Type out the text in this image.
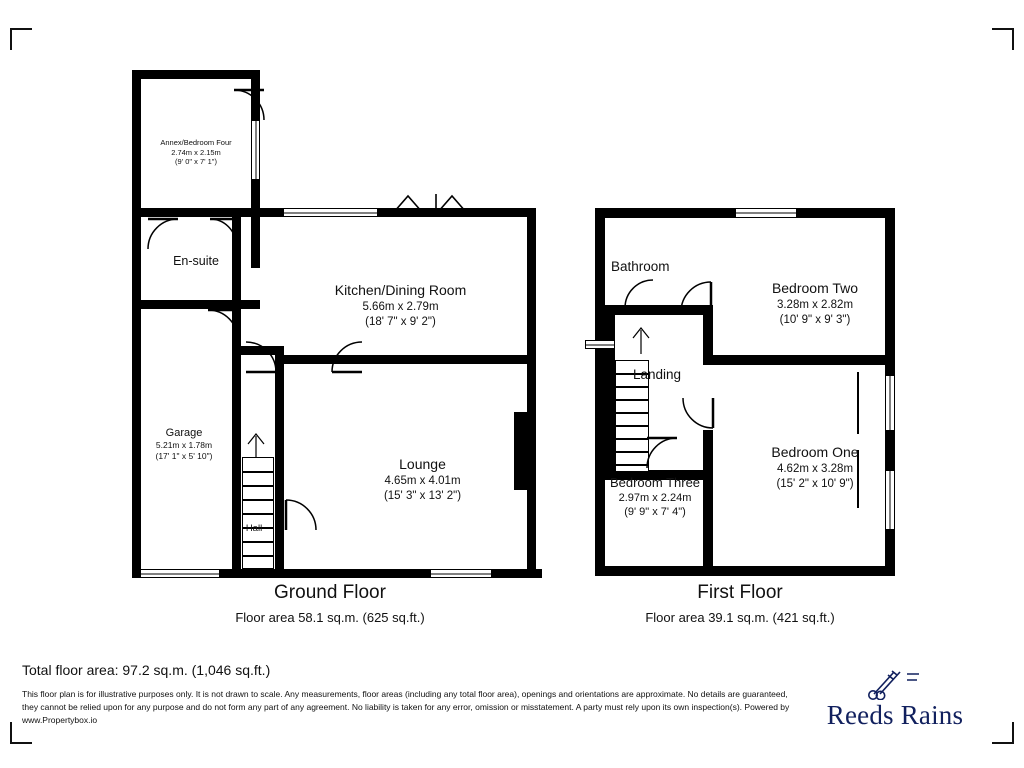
Annex/Bedroom Four
2.74m x 2.15m
(9' 0" x 7' 1")
En-suite
Kitchen/Dining Room
5.66m x 2.79m
(18' 7" x 9' 2")
Garage
5.21m x 1.78m
(17' 1" x 5' 10")
Lounge
4.65m x 4.01m
(15' 3" x 13' 2")
Hall
Ground Floor
Floor area 58.1 sq.m. (625 sq.ft.)
Bathroom
Bedroom Two
3.28m x 2.82m
(10' 9" x 9' 3")
Landing
Bedroom One
4.62m x 3.28m
(15' 2" x 10' 9")
Bedroom Three
2.97m x 2.24m
(9' 9" x 7' 4")
First Floor
Floor area 39.1 sq.m. (421 sq.ft.)
Total floor area: 97.2 sq.m. (1,046 sq.ft.)
This floor plan is for illustrative purposes only. It is not drawn to scale. Any measurements, floor areas (including any total floor area), openings and orientations are approximate. No details are guaranteed, they cannot be relied upon for any purpose and do not form any part of any agreement. No liability is taken for any error, omission or misstatement. A party must rely upon its own inspection(s). Powered by www.Propertybox.io	Reeds Rains
